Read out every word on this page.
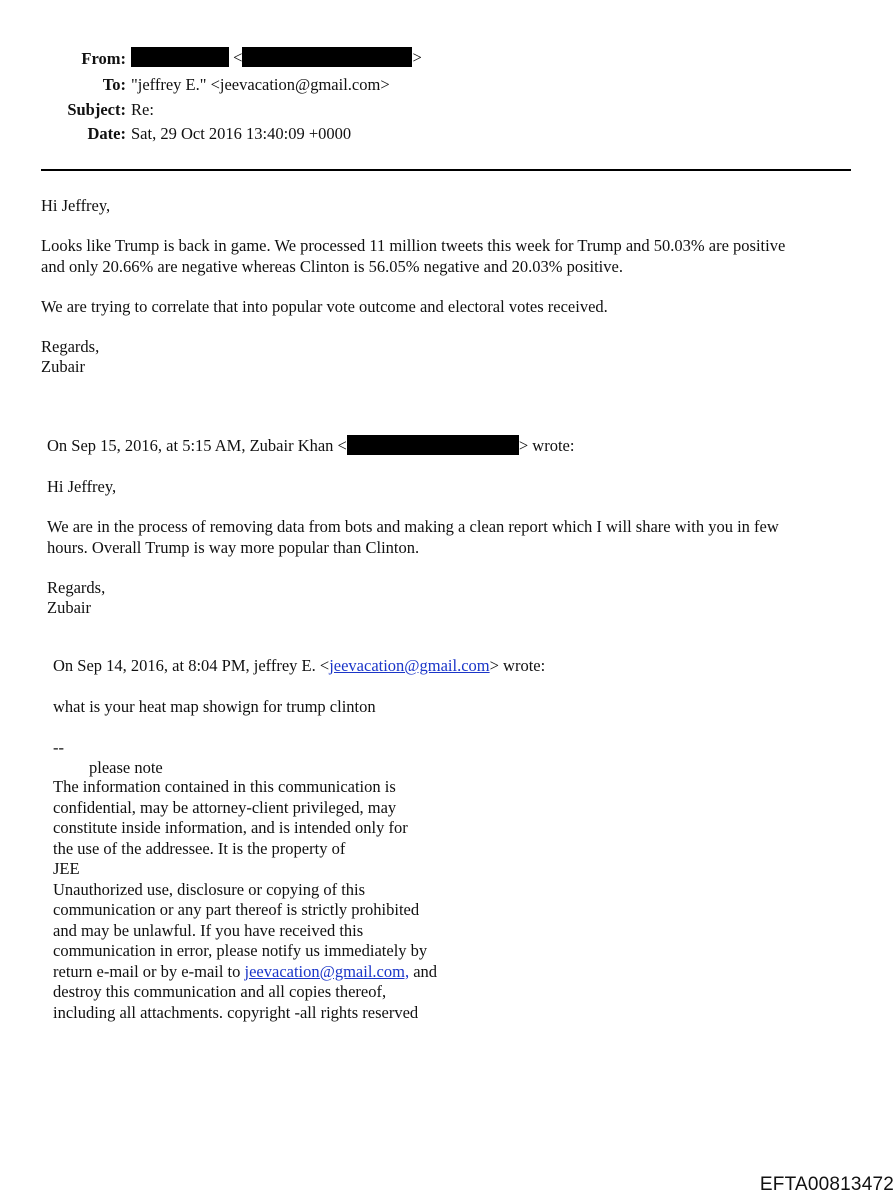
From:	<	>
To: "jeffrey E." <jeevacation@gmail.com>
Subject: Re:
Date: Sat, 29 Oct 2016 13:40:09 +0000
Hi Jeffrey,
Looks like Trump is back in game. We processed 11 million tweets this week for Trump and 50.03% are positive
and only 20.66% are negative whereas Clinton is 56.05% negative and 20.03% positive.
We are trying to correlate that into popular vote outcome and electoral votes received.
Regards,
Zubair
On Sep 15, 2016, at 5:15 AM, Zubair Khan <	> wrote:
Hi Jeffrey,
We are in the process of removing data from bots and making a clean report which I will share with you in few
hours. Overall Trump is way more popular than Clinton.
Regards,
Zubair
On Sep 14, 2016, at 8:04 PM, jeffrey E. <jeevacation@gmail.com> wrote:
what is your heat map showign for trump clinton
--
please note
The information contained in this communication is
confidential, may be attorney-client privileged, may
constitute inside information, and is intended only for
the use of the addressee. It is the property of
JEE
Unauthorized use, disclosure or copying of this
communication or any part thereof is strictly prohibited
and may be unlawful. If you have received this
communication in error, please notify us immediately by
return e-mail or by e-mail to jeevacation@gmail.com, and
destroy this communication and all copies thereof,
including all attachments. copyright -all rights reserved
EFTA00813472
